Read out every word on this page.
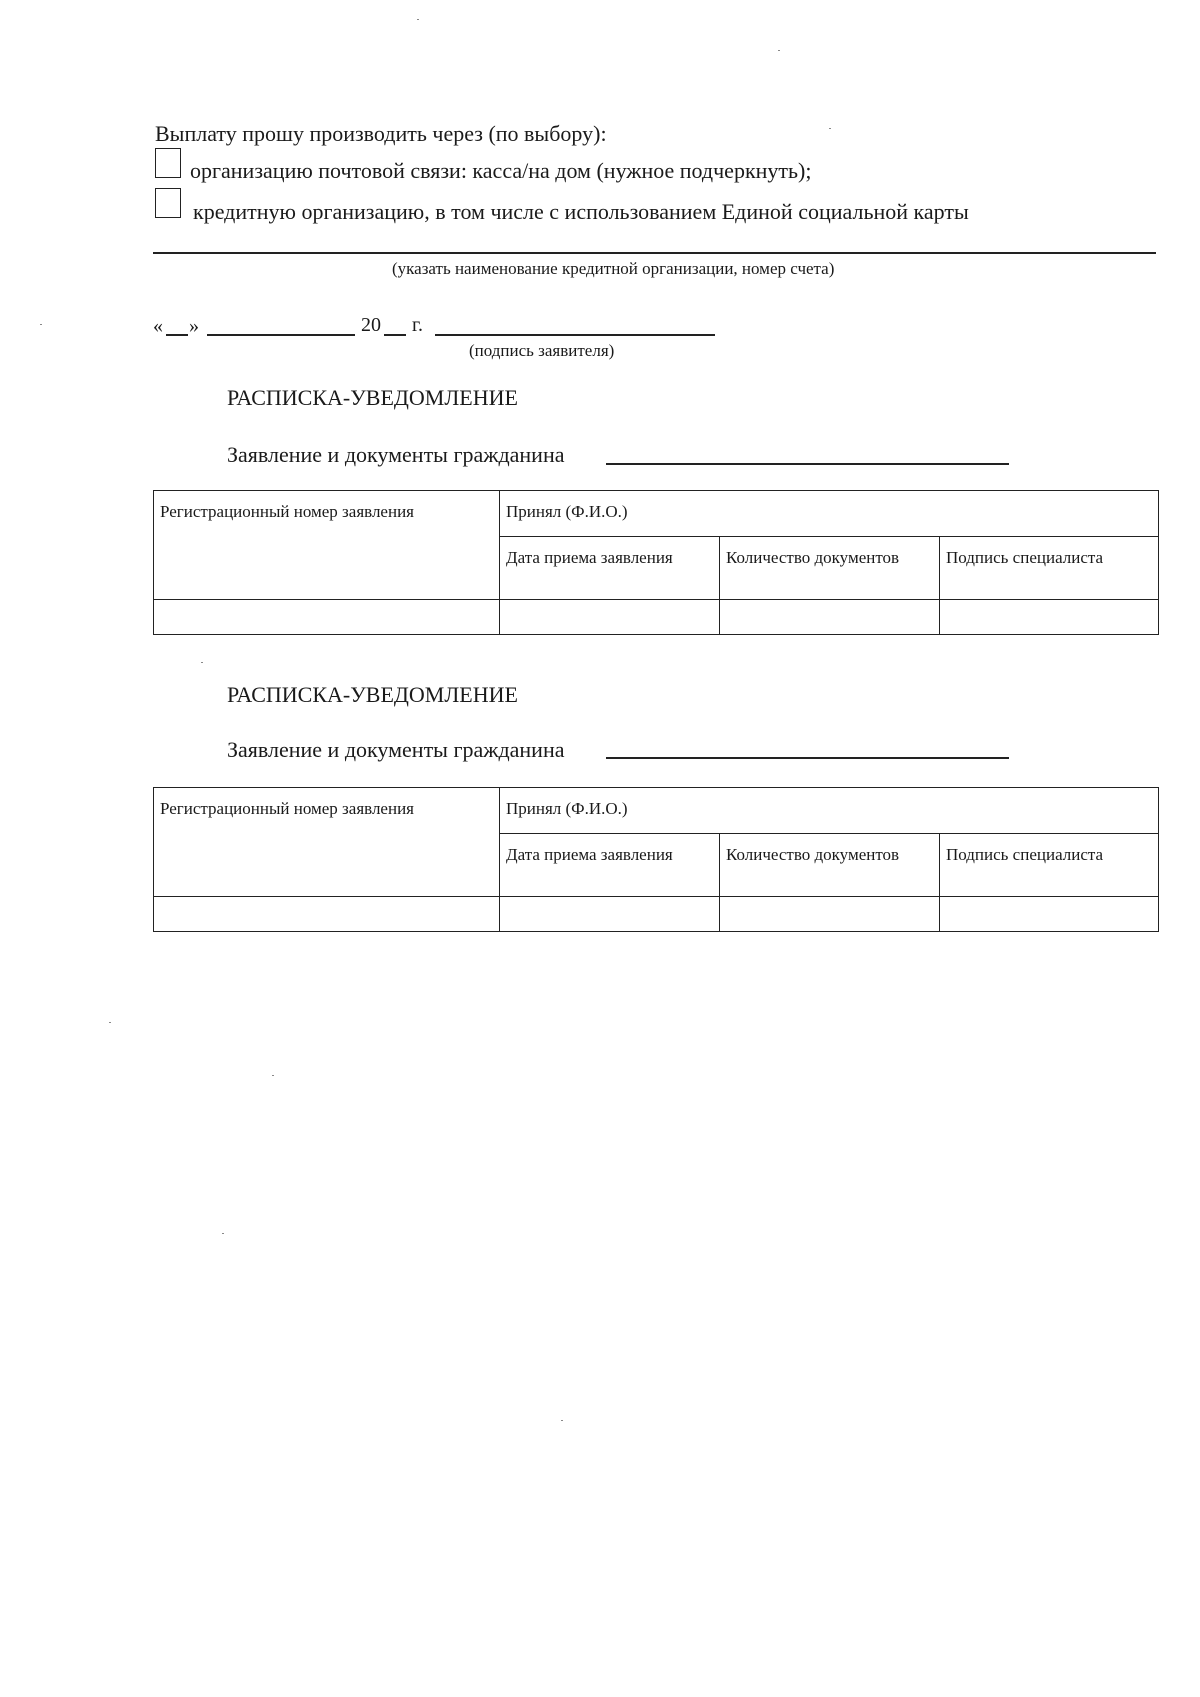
Выплату прошу производить через (по выбору):
организацию почтовой связи: касса/на дом (нужное подчеркнуть);
кредитную организацию, в том числе с использованием Единой социальной карты
(указать наименование кредитной организации, номер счета)
« »	20 г.
(подпись заявителя)
РАСПИСКА-УВЕДОМЛЕНИЕ
Заявление и документы гражданина
Регистрационный номер заявления	Принял (Ф.И.О.)		
	Дата приема заявления	Количество документов	Подпись специалиста

РАСПИСКА-УВЕДОМЛЕНИЕ
Заявление и документы гражданина
Регистрационный номер заявления	Принял (Ф.И.О.)		
	Дата приема заявления	Количество документов	Подпись специалиста
